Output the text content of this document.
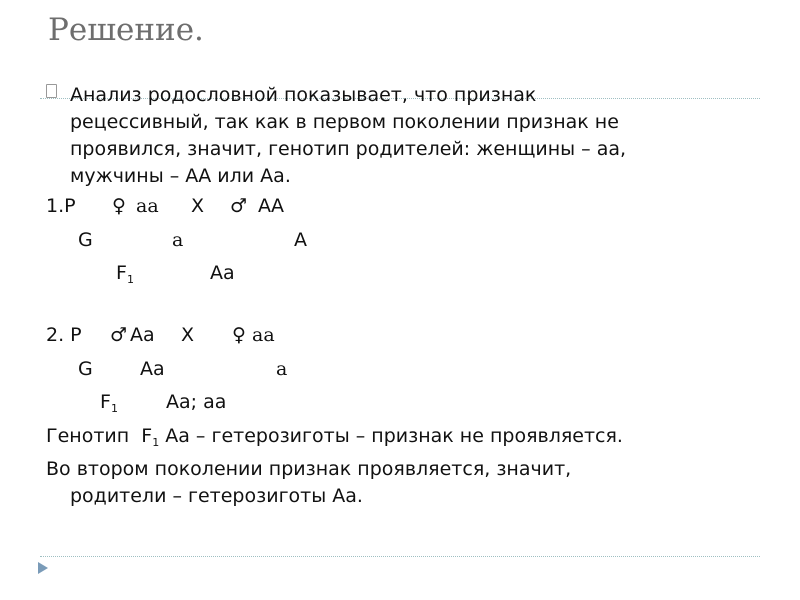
Решение.
Анализ родословной показывает, что признак
рецессивный, так как в первом поколении признак не
проявился, значит, генотип родителей: женщины – аа,
мужчины – АА или Аа.
1.P ♀ аа X ♂ АА
G	а	А
$F_1$	Аа
2. P ♂ Аа X ♀ аа
G Аа	а
$F_1$	Аа; аа
Генотип $F_1$ Аа – гетерозиготы – признак не проявляется.
Во втором поколении признак проявляется, значит,
родители – гетерозиготы Аа.
